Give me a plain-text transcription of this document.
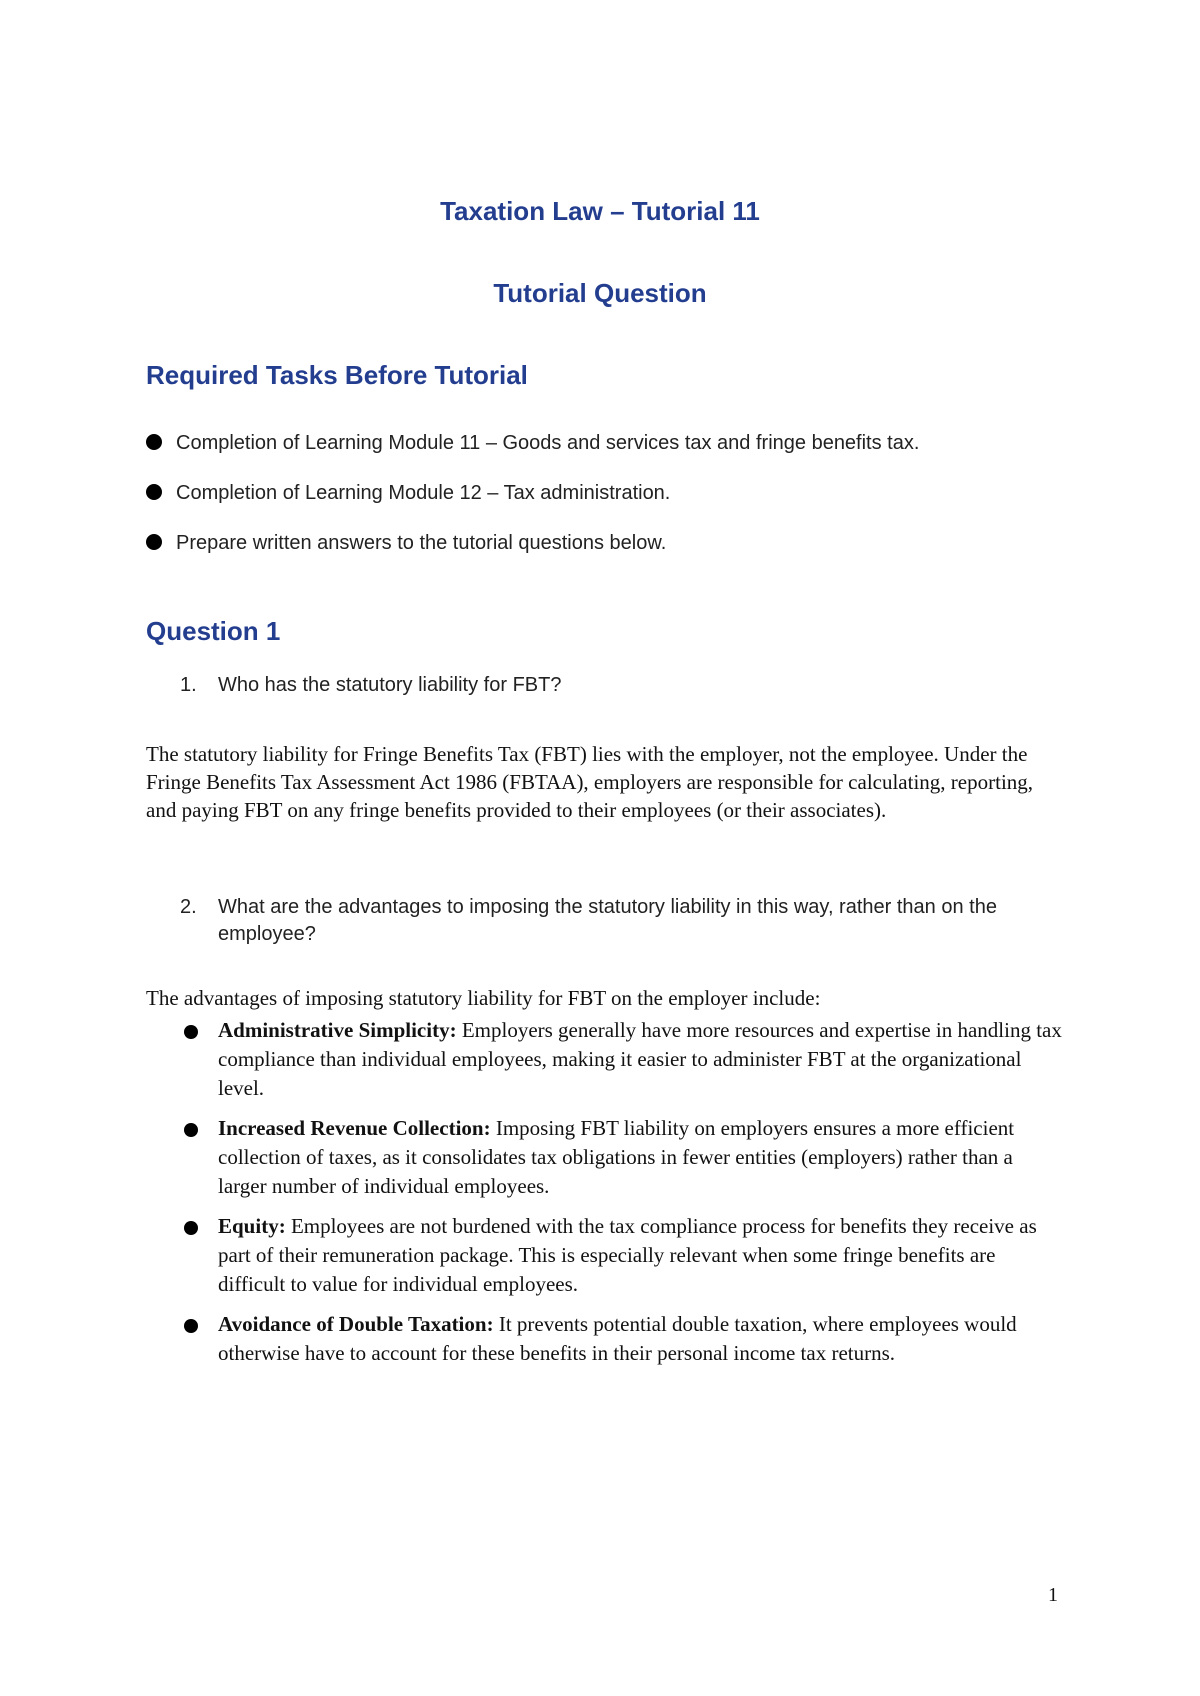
Taxation Law – Tutorial 11
Tutorial Question
Required Tasks Before Tutorial
Completion of Learning Module 11 – Goods and services tax and fringe benefits tax.
Completion of Learning Module 12 – Tax administration.
Prepare written answers to the tutorial questions below.
Question 1
1.	Who has the statutory liability for FBT?
The statutory liability for Fringe Benefits Tax (FBT) lies with the employer, not the employee. Under the Fringe Benefits Tax Assessment Act 1986 (FBTAA), employers are responsible for calculating, reporting, and paying FBT on any fringe benefits provided to their employees (or their associates).
2.	What are the advantages to imposing the statutory liability in this way, rather than on the employee?
The advantages of imposing statutory liability for FBT on the employer include:
Administrative Simplicity: Employers generally have more resources and expertise in handling tax compliance than individual employees, making it easier to administer FBT at the organizational level.
Increased Revenue Collection: Imposing FBT liability on employers ensures a more efficient collection of taxes, as it consolidates tax obligations in fewer entities (employers) rather than a larger number of individual employees.
Equity: Employees are not burdened with the tax compliance process for benefits they receive as part of their remuneration package. This is especially relevant when some fringe benefits are difficult to value for individual employees.
Avoidance of Double Taxation: It prevents potential double taxation, where employees would otherwise have to account for these benefits in their personal income tax returns.
1
